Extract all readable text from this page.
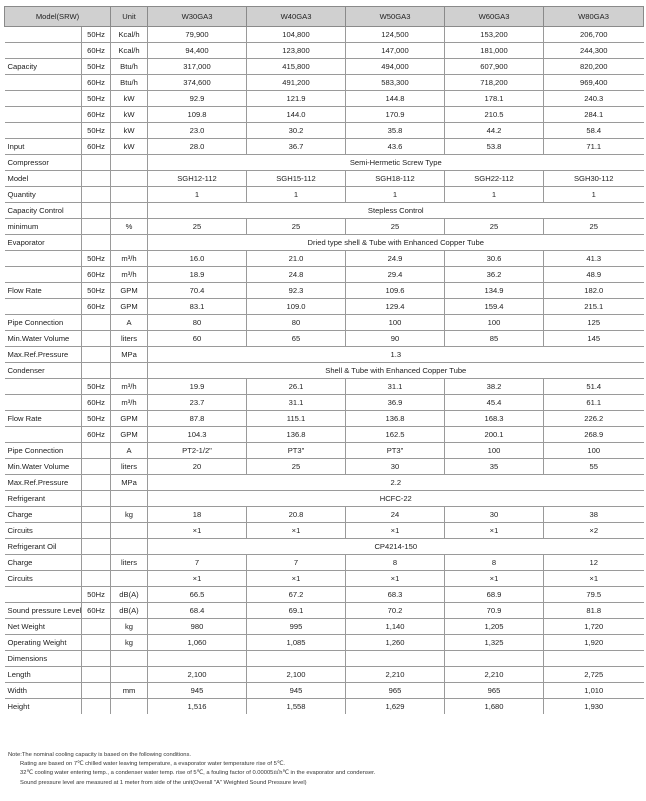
Model(SRW)		Unit	W30GA3	W40GA3	W50GA3	W60GA3	W80GA3
	50Hz	Kcal/h	79,900	104,800	124,500	153,200	206,700
	60Hz	Kcal/h	94,400	123,800	147,000	181,000	244,300
Capacity	50Hz	Btu/h	317,000	415,800	494,000	607,900	820,200
	60Hz	Btu/h	374,600	491,200	583,300	718,200	969,400
	50Hz	kW	92.9	121.9	144.8	178.1	240.3
	60Hz	kW	109.8	144.0	170.9	210.5	284.1
	50Hz	kW	23.0	30.2	35.8	44.2	58.4
Input	60Hz	kW	28.0	36.7	43.6	53.8	71.1
Compressor			Semi-Hermetic Screw Type				
Model			SGH12-112	SGH15-112	SGH18-112	SGH22-112	SGH30-112
Quantity			1	1	1	1	1
Capacity Control			Stepless Control				
minimum		%	25	25	25	25	25
Evaporator			Dried type shell & Tube with Enhanced Copper Tube				
	50Hz	m³/h	16.0	21.0	24.9	30.6	41.3
	60Hz	m³/h	18.9	24.8	29.4	36.2	48.9
Flow Rate	50Hz	GPM	70.4	92.3	109.6	134.9	182.0
	60Hz	GPM	83.1	109.0	129.4	159.4	215.1
Pipe Connection		A	80	80	100	100	125
Min.Water Volume		liters	60	65	90	85	145
Max.Ref.Pressure		MPa	1.3				
Condenser			Shell & Tube with Enhanced Copper Tube				
	50Hz	m³/h	19.9	26.1	31.1	38.2	51.4
	60Hz	m³/h	23.7	31.1	36.9	45.4	61.1
Flow Rate	50Hz	GPM	87.8	115.1	136.8	168.3	226.2
	60Hz	GPM	104.3	136.8	162.5	200.1	268.9
Pipe Connection		A	PT2-1/2"	PT3"	PT3"	100	100
Min.Water Volume		liters	20	25	30	35	55
Max.Ref.Pressure		MPa	2.2				
Refrigerant			HCFC-22				
Charge		kg	18	20.8	24	30	38
Circuits			×1	×1	×1	×1	×2
Refrigerant Oil			CP4214-150				
Charge		liters	7	7	8	8	12
Circuits			×1	×1	×1	×1	×1
	50Hz	dB(A)	66.5	67.2	68.3	68.9	79.5
Sound pressure Level	60Hz	dB(A)	68.4	69.1	70.2	70.9	81.8
Net Weight		kg	980	995	1,140	1,205	1,720
Operating Weight		kg	1,060	1,085	1,260	1,325	1,920
Dimensions							
Length			2,100	2,100	2,210	2,210	2,725
Width		mm	945	945	965	965	1,010
Height			1,516	1,558	1,629	1,680	1,930
Note:The nominal cooling capacity is based on the following conditions.
Rating are based on 7℃ chilled water leaving temperature, a evaporator water temperature rise of 5℃.
32℃ cooling water entering temp., a condenser water temp. rise of 5℃, a fouling factor of 0.00005㎡h℃ in the evaporator and condenser.
Sound pressure level are measured at 1 meter from side of the unit(Overall "A" Weighted Sound Pressure level)
